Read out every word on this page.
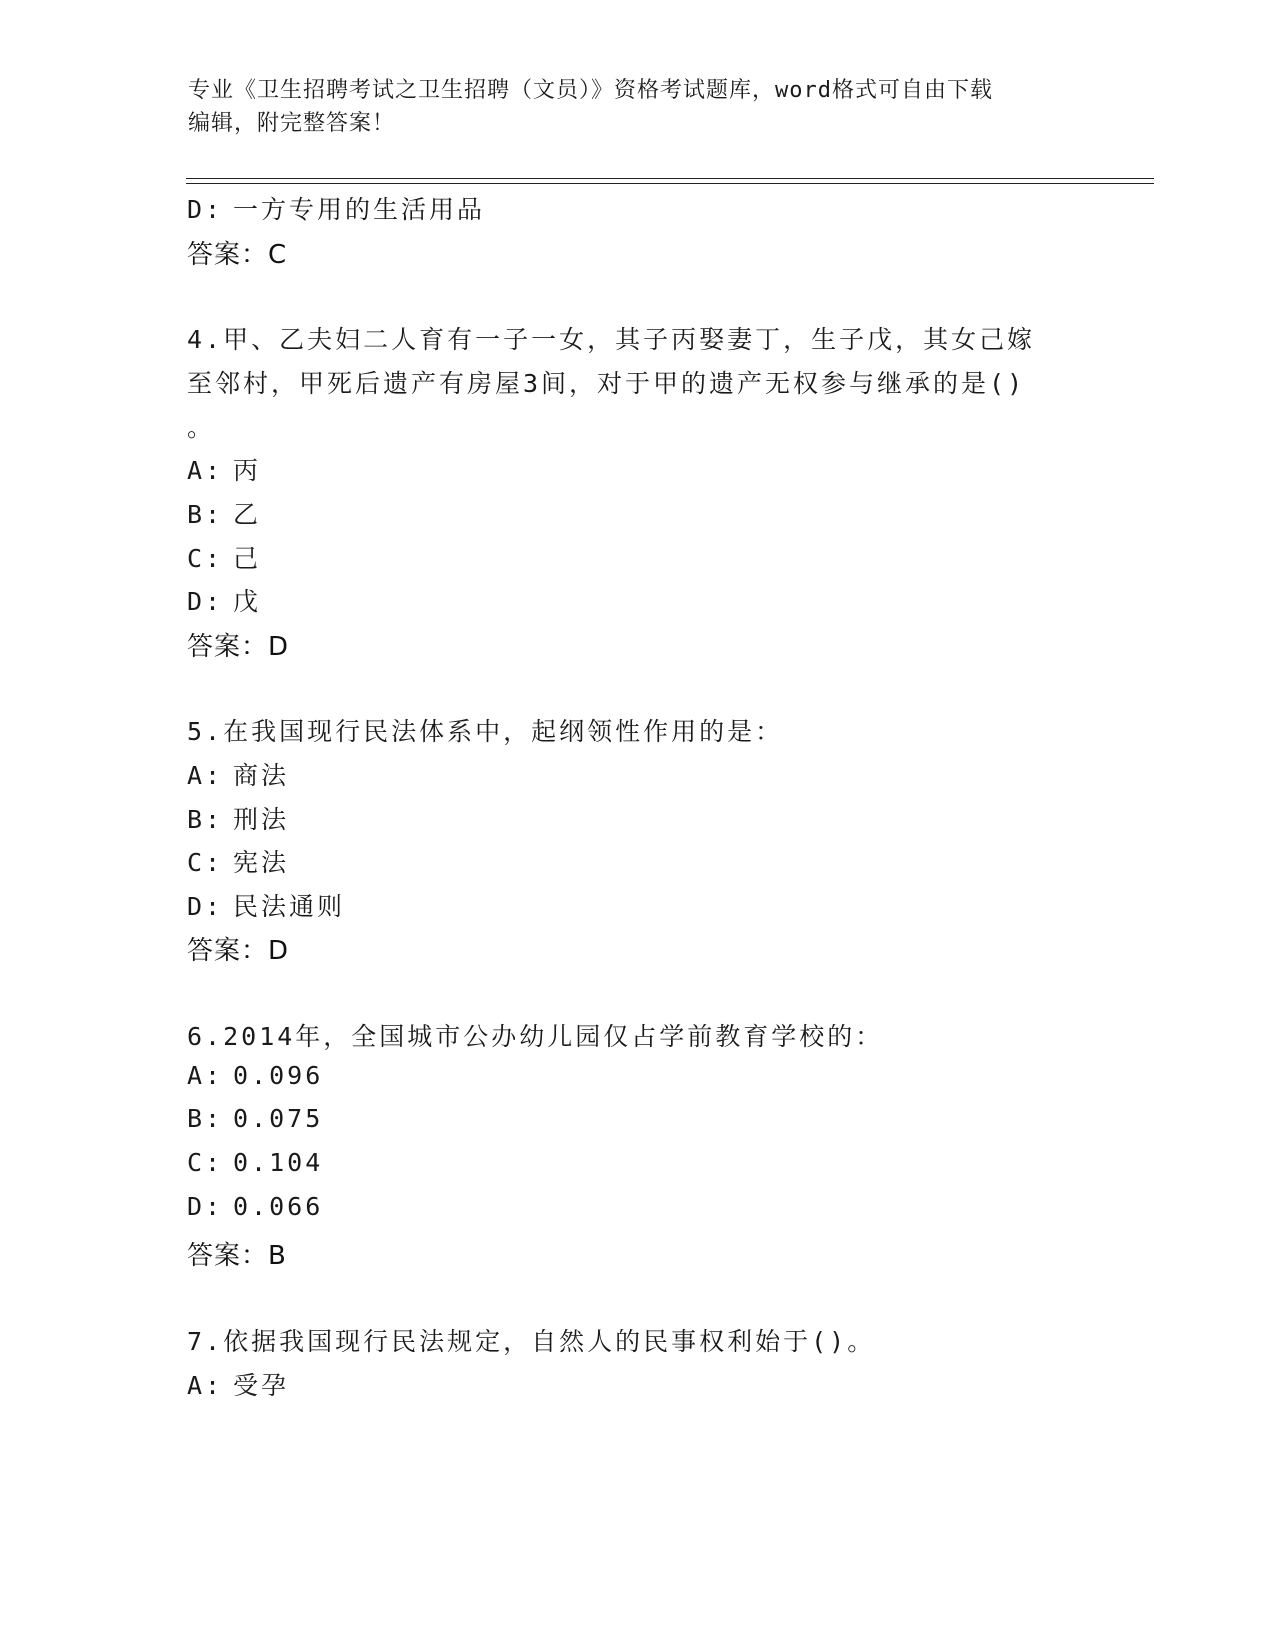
专业《卫生招聘考试之卫生招聘（文员）》资格考试题库，word格式可自由下载
编辑，附完整答案！
D: 一方专用的生活用品
答案：C
4.甲、乙夫妇二人育有一子一女，其子丙娶妻丁，生子戊，其女己嫁
至邻村，甲死后遗产有房屋3间，对于甲的遗产无权参与继承的是()
。
A: 丙
B: 乙
C: 己
D: 戊
答案：D
5.在我国现行民法体系中，起纲领性作用的是：
A: 商法
B: 刑法
C: 宪法
D: 民法通则
答案：D
6.2014年，全国城市公办幼儿园仅占学前教育学校的：
A: 0.096
B: 0.075
C: 0.104
D: 0.066
答案：B
7.依据我国现行民法规定，自然人的民事权利始于()。
A: 受孕
